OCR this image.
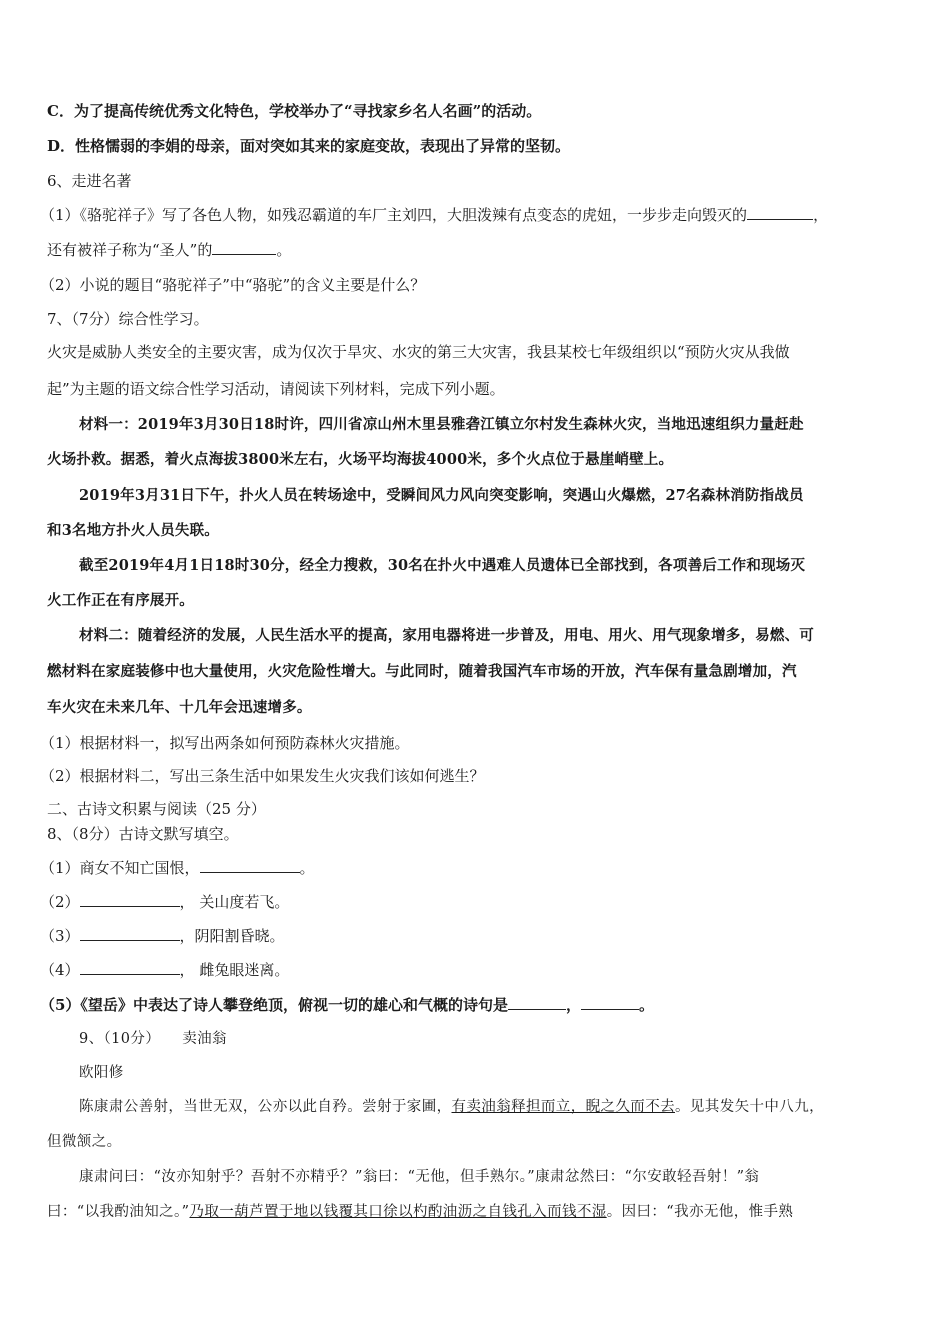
C．为了提高传统优秀文化特色，学校举办了“寻找家乡名人名画”的活动。
D．性格懦弱的李娟的母亲，面对突如其来的家庭变故，表现出了异常的坚韧。
6、走进名著
（1）《骆驼祥子》写了各色人物，如残忍霸道的车厂主刘四，大胆泼辣有点变态的虎妞，一步步走向毁灭的	，
还有被祥子称为“圣人”的	。
（2）小说的题目“骆驼祥子”中“骆驼”的含义主要是什么？
7、（7分）综合性学习。
火灾是威胁人类安全的主要灾害，成为仅次于旱灾、水灾的第三大灾害，我县某校七年级组织以“预防火灾从我做
起”为主题的语文综合性学习活动，请阅读下列材料，完成下列小题。
材料一：2019年3月30日18时许，四川省凉山州木里县雅砻江镇立尔村发生森林火灾，当地迅速组织力量赶赴
火场扑救。据悉，着火点海拔3800米左右，火场平均海拔4000米，多个火点位于悬崖峭壁上。
2019年3月31日下午，扑火人员在转场途中，受瞬间风力风向突变影响，突遇山火爆燃，27名森林消防指战员
和3名地方扑火人员失联。
截至2019年4月1日18时30分，经全力搜救，30名在扑火中遇难人员遗体已全部找到，各项善后工作和现场灭
火工作正在有序展开。
材料二：随着经济的发展，人民生活水平的提高，家用电器将进一步普及，用电、用火、用气现象增多，易燃、可
燃材料在家庭装修中也大量使用，火灾危险性增大。与此同时，随着我国汽车市场的开放，汽车保有量急剧增加，汽
车火灾在未来几年、十几年会迅速增多。
（1）根据材料一，拟写出两条如何预防森林火灾措施。
（2）根据材料二，写出三条生活中如果发生火灾我们该如何逃生？
二、古诗文积累与阅读（25 分）
8、（8分）古诗文默写填空。
（1）商女不知亡国恨，	。
（2）	， 关山度若飞。
（3）	，阴阳割昏晓。
（4）	， 雌兔眼迷离。
（5）《望岳》中表达了诗人攀登绝顶，俯视一切的雄心和气概的诗句是	，	。
9、（10分） 卖油翁
欧阳修
陈康肃公善射，当世无双，公亦以此自矜。尝射于家圃，有卖油翁释担而立，睨之久而不去。见其发矢十中八九，
但微颔之。
康肃问曰：“汝亦知射乎？吾射不亦精乎？”翁曰：“无他，但手熟尔。”康肃忿然曰：“尔安敢轻吾射！”翁
曰：“以我酌油知之。”乃取一葫芦置于地以钱覆其口徐以杓酌油沥之自钱孔入而钱不湿。因曰：“我亦无他，惟手熟
